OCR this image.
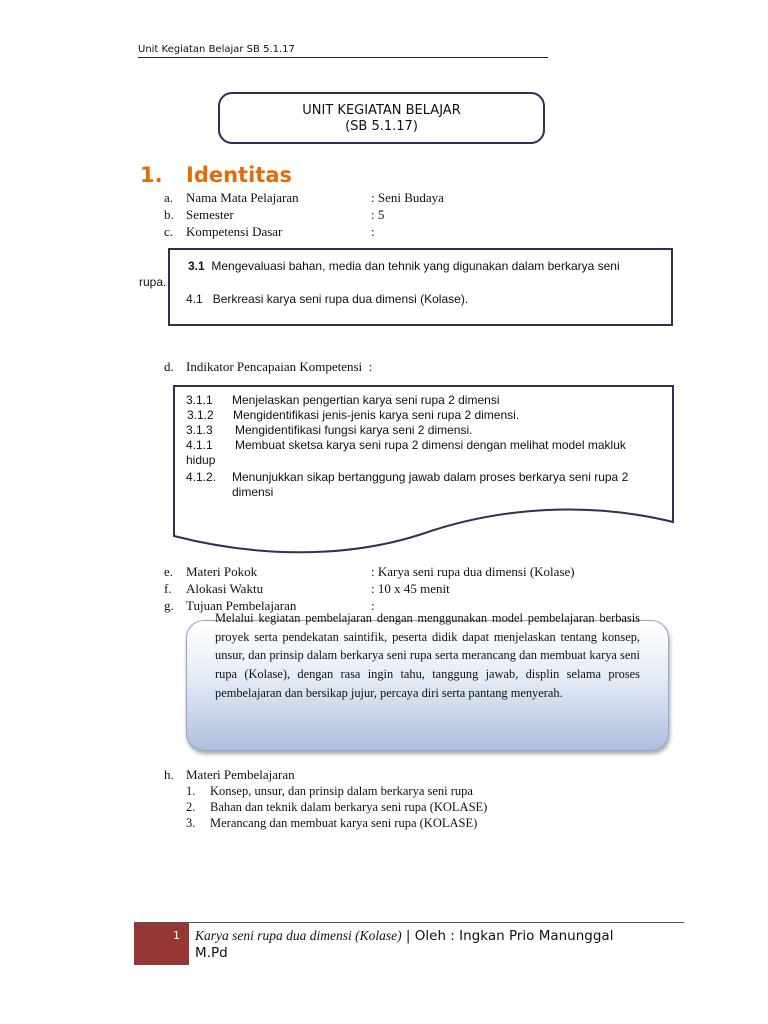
Unit Kegiatan Belajar SB 5.1.17
UNIT KEGIATAN BELAJAR
(SB 5.1.17)
1. Identitas
a. Nama Mata Pelajaran	: Seni Budaya
b. Semester	: 5
c. Kompetensi Dasar	:
3.1 Mengevaluasi bahan, media dan tehnik yang digunakan dalam berkarya seni
rupa.
4.1 Berkreasi karya seni rupa dua dimensi (Kolase).
d. Indikator Pencapaian Kompetensi :
3.1.1 Menjelaskan pengertian karya seni rupa 2 dimensi
3.1.2 Mengidentifikasi jenis-jenis karya seni rupa 2 dimensi.
3.1.3 Mengidentifikasi fungsi karya seni 2 dimensi.
4.1.1 Membuat sketsa karya seni rupa 2 dimensi dengan melihat model makluk
hidup
4.1.2. Menunjukkan sikap bertanggung jawab dalam proses berkarya seni rupa 2
dimensi
e. Materi Pokok	: Karya seni rupa dua dimensi (Kolase)
f. Alokasi Waktu	: 10 x 45 menit
g. Tujuan Pembelajaran	:
Melalui kegiatan pembelajaran dengan menggunakan model pembelajaran berbasis proyek serta pendekatan saintifik, peserta didik dapat menjelaskan tentang konsep, unsur, dan prinsip dalam berkarya seni rupa serta merancang dan membuat karya seni rupa (Kolase), dengan rasa ingin tahu, tanggung jawab, displin selama proses pembelajaran dan bersikap jujur, percaya diri serta pantang menyerah.
h. Materi Pembelajaran
1. Konsep, unsur, dan prinsip dalam berkarya seni rupa
2. Bahan dan teknik dalam berkarya seni rupa (KOLASE)
3. Merancang dan membuat karya seni rupa (KOLASE)
1 Karya seni rupa dua dimensi (Kolase) | Oleh : Ingkan Prio Manunggal
M.Pd
